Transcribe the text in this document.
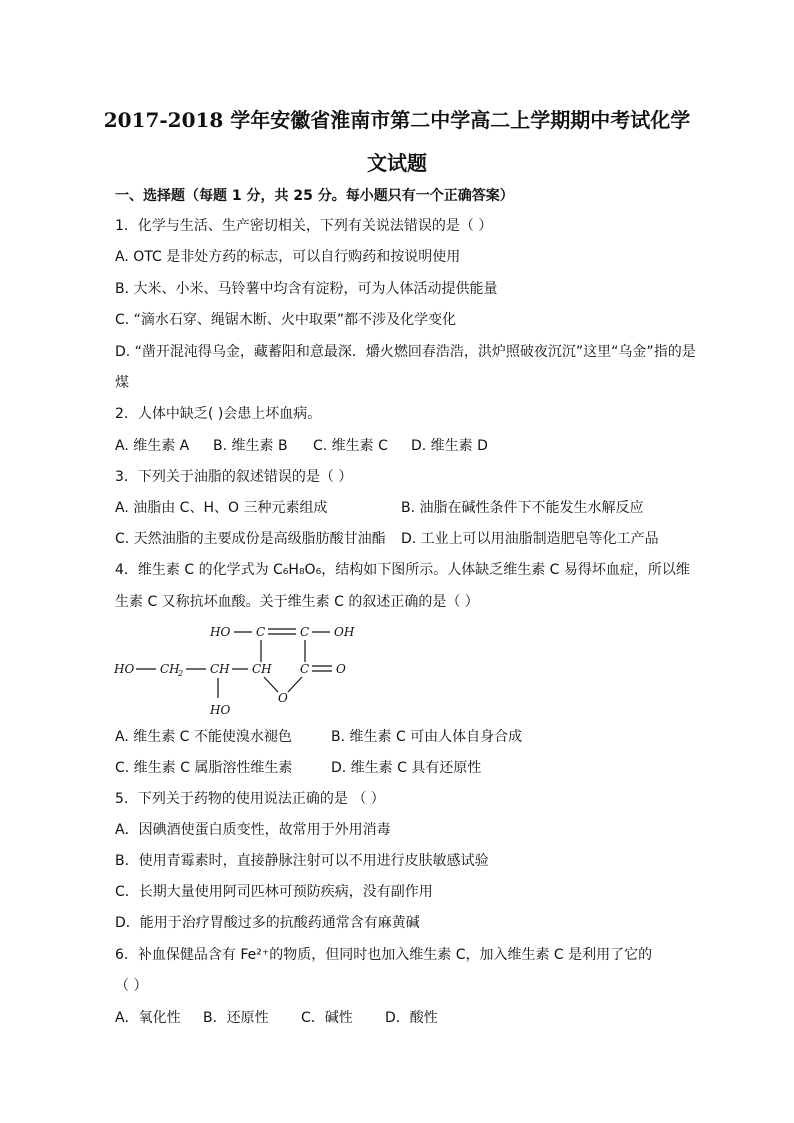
2017-2018 学年安徽省淮南市第二中学高二上学期期中考试化学
文试题
一、选择题（每题 1 分，共 25 分。每小题只有一个正确答案）
1．化学与生活、生产密切相关，下列有关说法错误的是（ ）
A. OTC 是非处方药的标志，可以自行购药和按说明使用
B. 大米、小米、马铃薯中均含有淀粉，可为人体活动提供能量
C. “滴水石穿、绳锯木断、火中取栗”都不涉及化学变化
D. “凿开混沌得乌金，藏蓄阳和意最深．爝火燃回春浩浩，洪炉照破夜沉沉”这里“乌金”指的是
煤
2．人体中缺乏( )会患上坏血病。
A. 维生素 A B. 维生素 B C. 维生素 C D. 维生素 D
3．下列关于油脂的叙述错误的是（ ）
A. 油脂由 C、H、O 三种元素组成	B. 油脂在碱性条件下不能发生水解反应
C. 天然油脂的主要成份是高级脂肪酸甘油酯 D. 工业上可以用油脂制造肥皂等化工产品
4．维生素 C 的化学式为 C₆H₈O₆，结构如下图所示。人体缺乏维生素 C 易得坏血症，所以维
生素 C 又称抗坏血酸。关于维生素 C 的叙述正确的是（ ）
HO C	C OH
HO CH
2 CH CH C O
O
HO
A. 维生素 C 不能使溴水褪色	B. 维生素 C 可由人体自身合成
C. 维生素 C 属脂溶性维生素	D. 维生素 C 具有还原性
5．下列关于药物的使用说法正确的是 （ ）
A．因碘酒使蛋白质变性，故常用于外用消毒
B．使用青霉素时，直接静脉注射可以不用进行皮肤敏感试验
C．长期大量使用阿司匹林可预防疾病，没有副作用
D．能用于治疗胃酸过多的抗酸药通常含有麻黄碱
6．补血保健品含有 Fe²⁺的物质，但同时也加入维生素 C，加入维生素 C 是利用了它的
（ ）
A．氧化性 B．还原性 C．碱性 D．酸性
